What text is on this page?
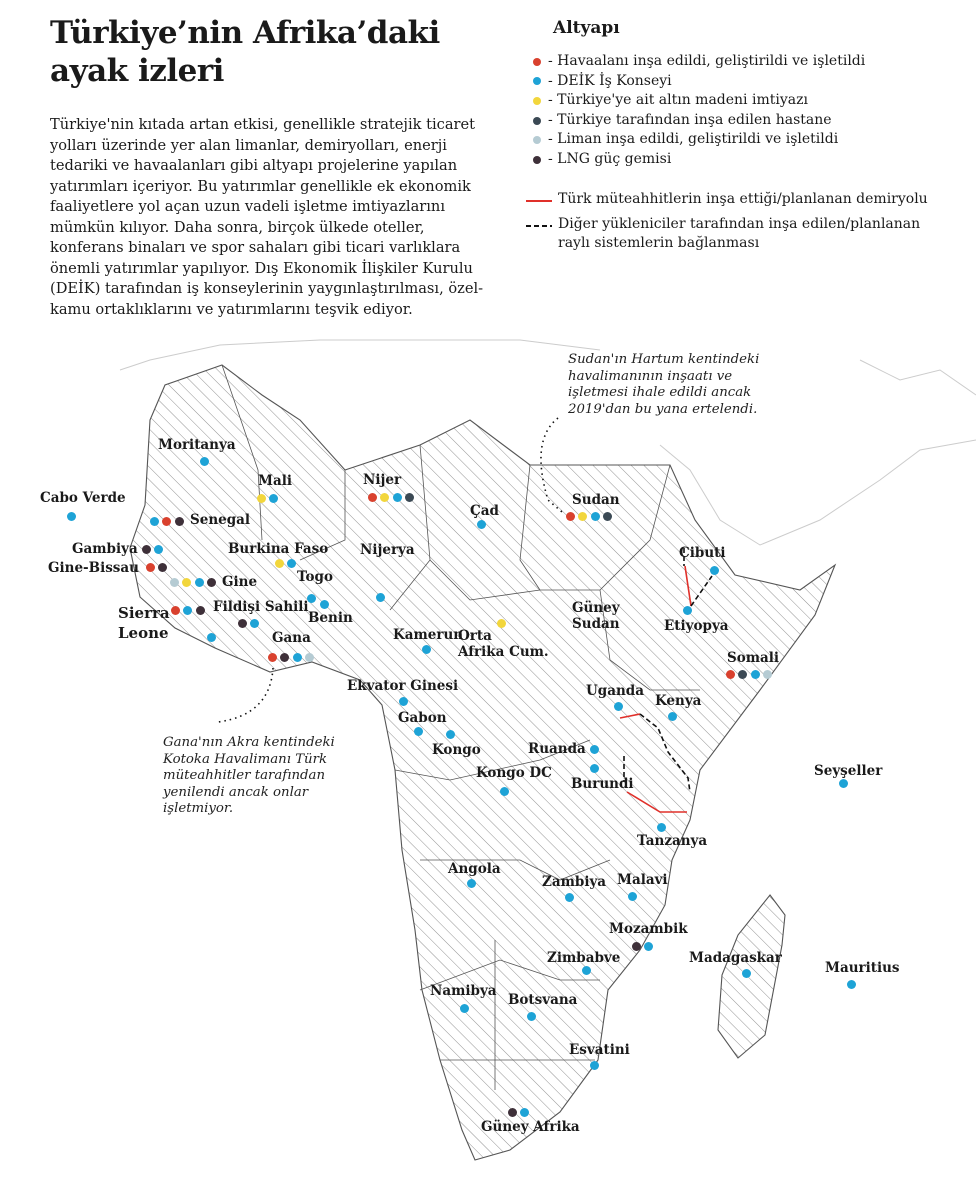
Türkiye’nin Afrika’daki
ayak izleri

Türkiye'nin kıtada artan etkisi, genellikle stratejik ticaret yolları üzerinde yer alan limanlar, demiryolları, enerji tedariki ve havaalanları gibi altyapı projelerine yapılan yatırımları içeriyor. Bu yatırımlar genellikle ek ekonomik faaliyetlere yol açan uzun vadeli işletme imtiyazlarını mümkün kılıyor. Daha sonra, birçok ülkede oteller, konferans binaları ve spor sahaları gibi ticari varlıklara önemli yatırımlar yapılıyor. Dış Ekonomik İlişkiler Kurulu (DEİK) tarafından iş konseylerinin yaygınlaştırılması, özel-kamu ortaklıklarını ve yatırımlarını teşvik ediyor.

Altyapı
- Havaalanı inşa edildi, geliştirildi ve işletildi
- DEİK İş Konseyi
- Türkiye'ye ait altın madeni imtiyazı
- Türkiye tarafından inşa edilen hastane
- Liman inşa edildi, geliştirildi ve işletildi
- LNG güç gemisi
Türk müteahhitlerin inşa ettiği/planlanan demiryolu
Diğer yükleniciler tarafından inşa edilen/planlanan
raylı sistemlerin bağlanması
Sudan'ın Hartum kentindeki
havalimanının inşaatı ve
işletmesi ihale edildi ancak
2019'dan bu yana ertelendi.
Gana'nın Akra kentindeki
Kotoka Havalimanı Türk
müteahhitler tarafından
yenilendi ancak onlar
işletmiyor.
Moritanya
Mali	Nijer
Cabo Verde
Senegal
Gambiya
Gine-Bissau
Gine
Burkina Faso
Togo
Benin
Sierra
Leone
Fildişi Sahili
Gana
Nijerya
Çad
Sudan
Cibuti
Etiyopya
Güney
Sudan
Orta
Afrika Cum.
Kamerun
Somali
Ekvator Ginesi
Gabon
Kongo
Uganda
Kenya
Ruanda
Burundi
Kongo DC	Seyşeller
Tanzanya
Angola
Zambiya Malavi
Mozambik
Madagaskar
Mauritius
Zimbabve
Namibya
Botsvana
Esvatini
Güney Afrika
